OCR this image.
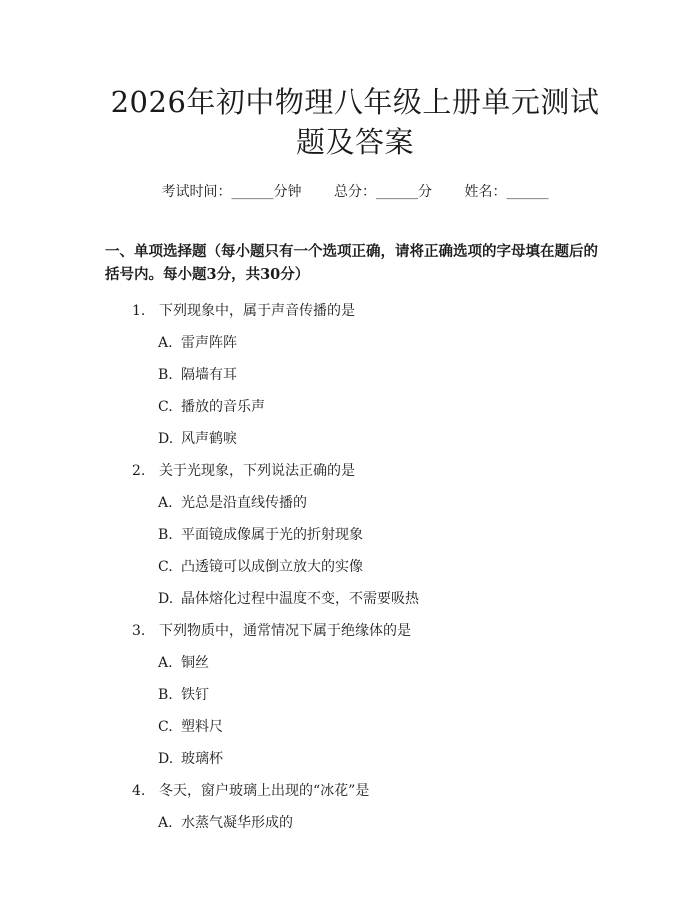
2026年初中物理八年级上册单元测试题及答案
考试时间：______分钟 总分：______分 姓名：______
一、单项选择题（每小题只有一个选项正确，请将正确选项的字母填在题后的括号内。每小题3分，共30分）
1. 下列现象中，属于声音传播的是
A. 雷声阵阵
B. 隔墙有耳
C. 播放的音乐声
D. 风声鹤唳
2. 关于光现象，下列说法正确的是
A. 光总是沿直线传播的
B. 平面镜成像属于光的折射现象
C. 凸透镜可以成倒立放大的实像
D. 晶体熔化过程中温度不变，不需要吸热
3. 下列物质中，通常情况下属于绝缘体的是
A. 铜丝
B. 铁钉
C. 塑料尺
D. 玻璃杯
4. 冬天，窗户玻璃上出现的“冰花”是
A. 水蒸气凝华形成的
